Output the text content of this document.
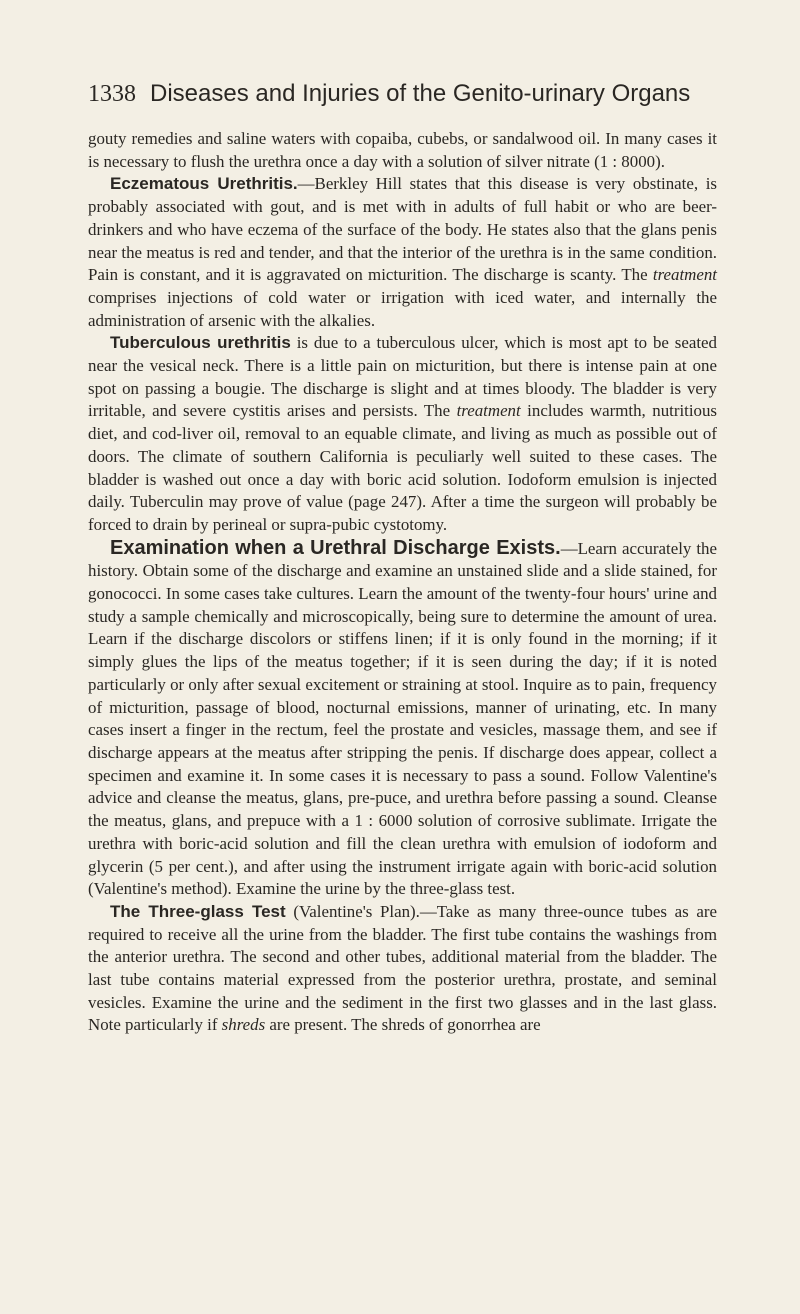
1338 Diseases and Injuries of the Genito-urinary Organs

gouty remedies and saline waters with copaiba, cubebs, or sandalwood oil. In many cases it is necessary to flush the urethra once a day with a solution of silver nitrate (1 : 8000).

Eczematous Urethritis.—Berkley Hill states that this disease is very obstinate, is probably associated with gout, and is met with in adults of full habit or who are beer-drinkers and who have eczema of the surface of the body. He states also that the glans penis near the meatus is red and tender, and that the interior of the urethra is in the same condition. Pain is constant, and it is aggravated on micturition. The discharge is scanty. The treatment comprises injections of cold water or irrigation with iced water, and internally the administration of arsenic with the alkalies.

Tuberculous urethritis is due to a tuberculous ulcer, which is most apt to be seated near the vesical neck. There is a little pain on micturition, but there is intense pain at one spot on passing a bougie. The discharge is slight and at times bloody. The bladder is very irritable, and severe cystitis arises and persists. The treatment includes warmth, nutritious diet, and cod-liver oil, removal to an equable climate, and living as much as possible out of doors. The climate of southern California is peculiarly well suited to these cases. The bladder is washed out once a day with boric acid solution. Iodoform emulsion is injected daily. Tuberculin may prove of value (page 247). After a time the surgeon will probably be forced to drain by perineal or supra-pubic cystotomy.

Examination when a Urethral Discharge Exists.—Learn accurately the history. Obtain some of the discharge and examine an unstained slide and a slide stained, for gonococci. In some cases take cultures. Learn the amount of the twenty-four hours' urine and study a sample chemically and microscopically, being sure to determine the amount of urea. Learn if the discharge discolors or stiffens linen; if it is only found in the morning; if it simply glues the lips of the meatus together; if it is seen during the day; if it is noted particularly or only after sexual excitement or straining at stool. Inquire as to pain, frequency of micturition, passage of blood, nocturnal emissions, manner of urinating, etc. In many cases insert a finger in the rectum, feel the prostate and vesicles, massage them, and see if discharge appears at the meatus after stripping the penis. If discharge does appear, collect a specimen and examine it. In some cases it is necessary to pass a sound. Follow Valentine's advice and cleanse the meatus, glans, pre-puce, and urethra before passing a sound. Cleanse the meatus, glans, and prepuce with a 1 : 6000 solution of corrosive sublimate. Irrigate the urethra with boric-acid solution and fill the clean urethra with emulsion of iodoform and glycerin (5 per cent.), and after using the instrument irrigate again with boric-acid solution (Valentine's method). Examine the urine by the three-glass test.

The Three-glass Test (Valentine's Plan).—Take as many three-ounce tubes as are required to receive all the urine from the bladder. The first tube contains the washings from the anterior urethra. The second and other tubes, additional material from the bladder. The last tube contains material expressed from the posterior urethra, prostate, and seminal vesicles. Examine the urine and the sediment in the first two glasses and in the last glass. Note particularly if shreds are present. The shreds of gonorrhea are
